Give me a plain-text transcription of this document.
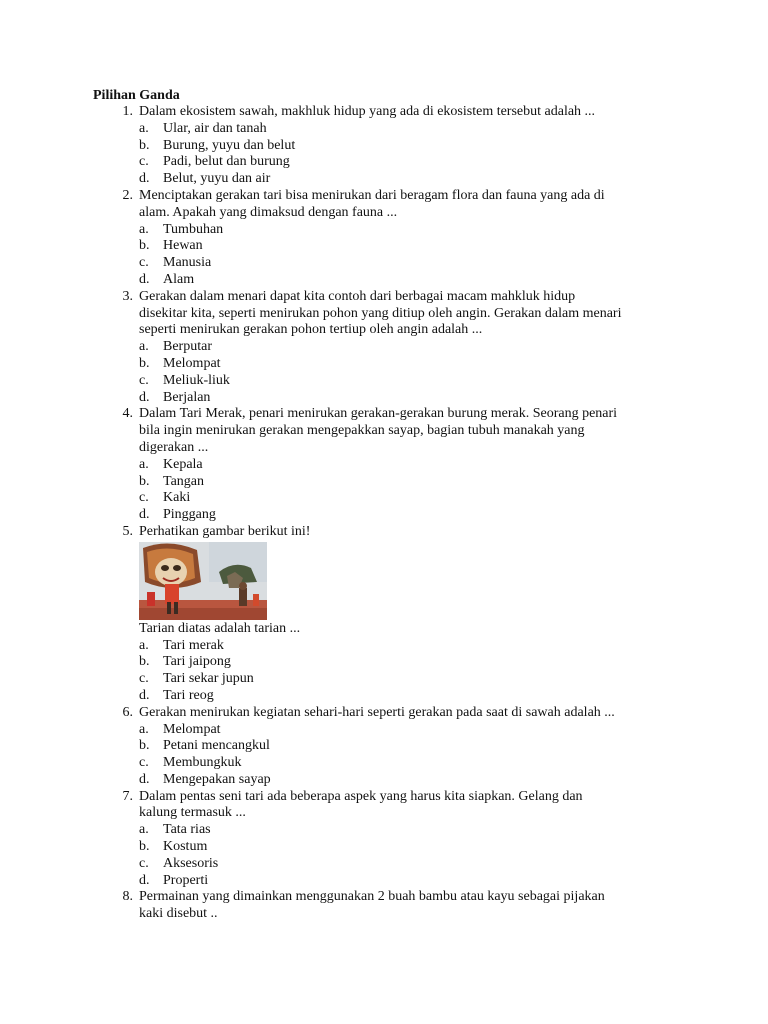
Pilihan Ganda
1. Dalam ekosistem sawah, makhluk hidup yang ada di ekosistem tersebut adalah ...
a. Ular, air dan tanah
b. Burung, yuyu dan belut
c. Padi, belut dan burung
d. Belut, yuyu dan air
2. Menciptakan gerakan tari bisa menirukan dari beragam flora dan fauna yang ada di
alam. Apakah yang dimaksud dengan fauna ...
a. Tumbuhan
b. Hewan
c. Manusia
d. Alam
3. Gerakan dalam menari dapat kita contoh dari berbagai macam mahkluk hidup
disekitar kita, seperti menirukan pohon yang ditiup oleh angin. Gerakan dalam menari
seperti menirukan gerakan pohon tertiup oleh angin adalah ...
a. Berputar
b. Melompat
c. Meliuk-liuk
d. Berjalan
4. Dalam Tari Merak, penari menirukan gerakan-gerakan burung merak. Seorang penari
bila ingin menirukan gerakan mengepakkan sayap, bagian tubuh manakah yang
digerakan ...
a. Kepala
b. Tangan
c. Kaki
d. Pinggang
5. Perhatikan gambar berikut ini!
Tarian diatas adalah tarian ...
a. Tari merak
b. Tari jaipong
c. Tari sekar jupun
d. Tari reog
6. Gerakan menirukan kegiatan sehari-hari seperti gerakan pada saat di sawah adalah ...
a. Melompat
b. Petani mencangkul
c. Membungkuk
d. Mengepakan sayap
7. Dalam pentas seni tari ada beberapa aspek yang harus kita siapkan. Gelang dan
kalung termasuk ...
a. Tata rias
b. Kostum
c. Aksesoris
d. Properti
8. Permainan yang dimainkan menggunakan 2 buah bambu atau kayu sebagai pijakan
kaki disebut ..
